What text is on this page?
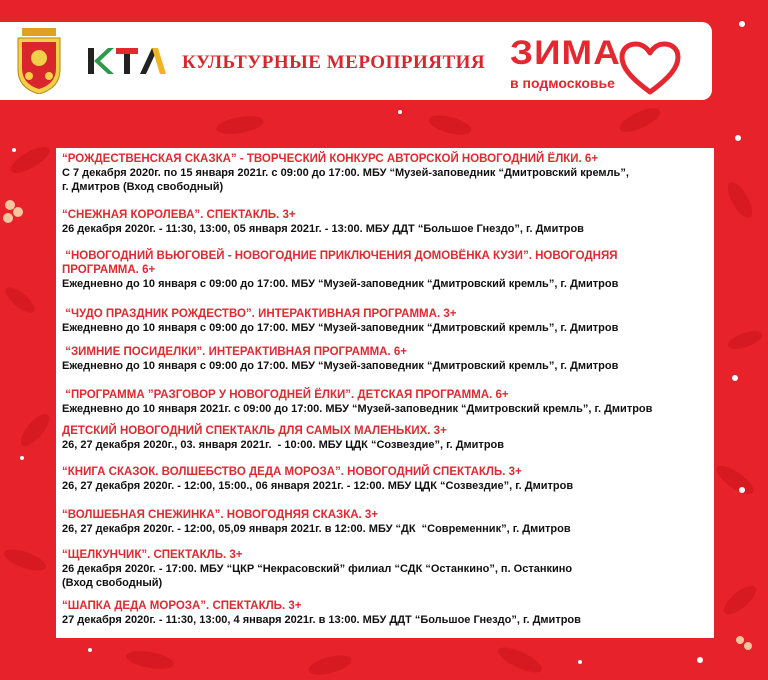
КУЛЬТУРНЫЕ МЕРОПРИЯТИЯ ЗИМА
в подмосковье
“РОЖДЕСТВЕНСКАЯ СКАЗКА” - ТВОРЧЕСКИЙ КОНКУРС АВТОРСКОЙ НОВОГОДНИЙ ЁЛКИ. 6+
С 7 декабря 2020г. по 15 января 2021г. с 09:00 до 17:00. МБУ “Музей-заповедник “Дмитровский кремль”,
г. Дмитров (Вход свободный)
“СНЕЖНАЯ КОРОЛЕВА”. СПЕКТАКЛЬ. 3+
26 декабря 2020г. - 11:30, 13:00, 05 января 2021г. - 13:00. МБУ ДДТ “Большое Гнездо”, г. Дмитров
“НОВОГОДНИЙ ВЬЮГОВЕЙ - НОВОГОДНИЕ ПРИКЛЮЧЕНИЯ ДОМОВЁНКА КУЗИ”. НОВОГОДНЯЯ
ПРОГРАММА. 6+
Ежедневно до 10 января с 09:00 до 17:00. МБУ “Музей-заповедник “Дмитровский кремль”, г. Дмитров
“ЧУДО ПРАЗДНИК РОЖДЕСТВО”. ИНТЕРАКТИВНАЯ ПРОГРАММА. 3+
Ежедневно до 10 января с 09:00 до 17:00. МБУ “Музей-заповедник “Дмитровский кремль”, г. Дмитров
“ЗИМНИЕ ПОСИДЕЛКИ”. ИНТЕРАКТИВНАЯ ПРОГРАММА. 6+
Ежедневно до 10 января с 09:00 до 17:00. МБУ “Музей-заповедник “Дмитровский кремль”, г. Дмитров
“ПРОГРАММА ”РАЗГОВОР У НОВОГОДНЕЙ ЁЛКИ”. ДЕТСКАЯ ПРОГРАММА. 6+
Ежедневно до 10 января 2021г. с 09:00 до 17:00. МБУ “Музей-заповедник “Дмитровский кремль”, г. Дмитров
ДЕТСКИЙ НОВОГОДНИЙ СПЕКТАКЛЬ ДЛЯ САМЫХ МАЛЕНЬКИХ. 3+
26, 27 декабря 2020г., 03. января 2021г.  - 10:00. МБУ ЦДК “Созвездие”, г. Дмитров
“КНИГА СКАЗОК. ВОЛШЕБСТВО ДЕДА МОРОЗА”. НОВОГОДНИЙ СПЕКТАКЛЬ. 3+
26, 27 декабря 2020г. - 12:00, 15:00., 06 января 2021г. - 12:00. МБУ ЦДК “Созвездие”, г. Дмитров
“ВОЛШЕБНАЯ СНЕЖИНКА”. НОВОГОДНЯЯ СКАЗКА. 3+
26, 27 декабря 2020г. - 12:00, 05,09 января 2021г. в 12:00. МБУ “ДК  “Современник”, г. Дмитров
“ЩЕЛКУНЧИК”. СПЕКТАКЛЬ. 3+
26 декабря 2020г. - 17:00. МБУ “ЦКР “Некрасовский” филиал “СДК “Останкино”, п. Останкино
(Вход свободный)
“ШАПКА ДЕДА МОРОЗА”. СПЕКТАКЛЬ. 3+
27 декабря 2020г. - 11:30, 13:00, 4 января 2021г. в 13:00. МБУ ДДТ “Большое Гнездо”, г. Дмитров
